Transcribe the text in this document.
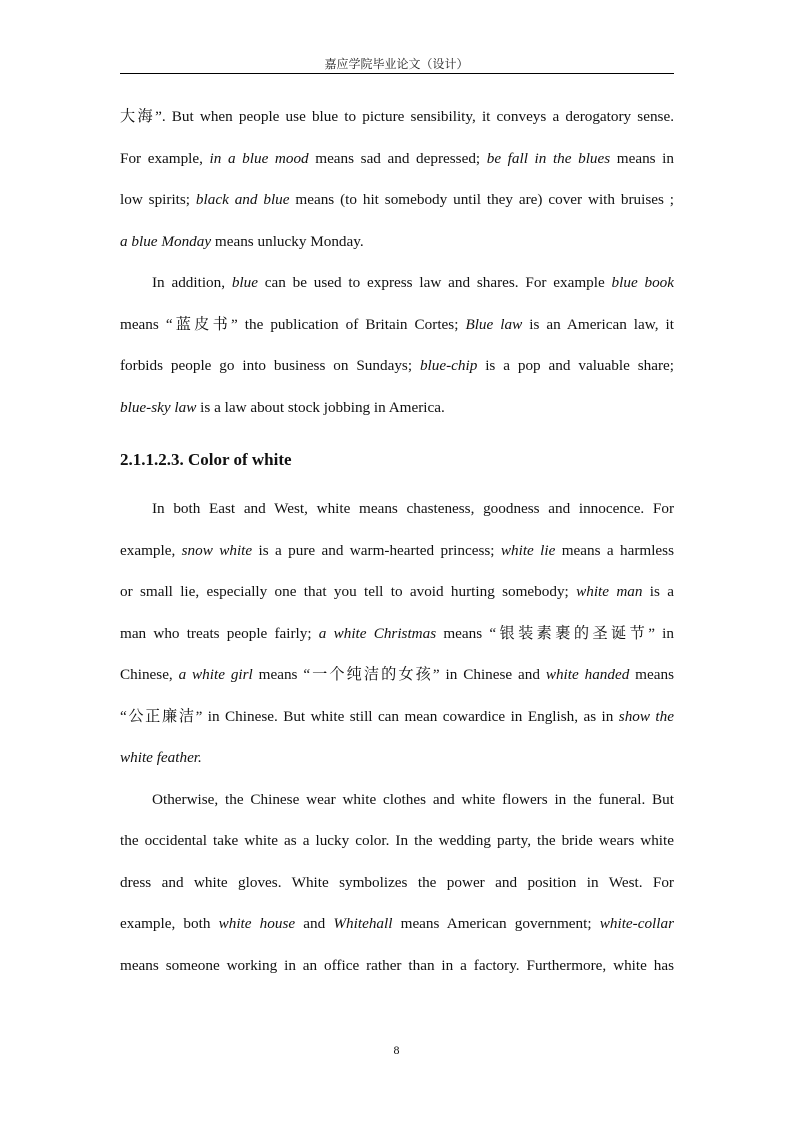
嘉应学院毕业论文（设计）
大海”. But when people use blue to picture sensibility, it conveys a derogatory sense.
For example, in a blue mood means sad and depressed; be fall in the blues means in
low spirits; black and blue means (to hit somebody until they are) cover with bruises ;
a blue Monday means unlucky Monday.
In addition, blue can be used to express law and shares. For example blue book
means “蓝皮书” the publication of Britain Cortes; Blue law is an American law, it
forbids people go into business on Sundays; blue-chip is a pop and valuable share;
blue-sky law is a law about stock jobbing in America.
2.1.1.2.3. Color of white
In both East and West, white means chasteness, goodness and innocence. For
example, snow white is a pure and warm-hearted princess; white lie means a harmless
or small lie, especially one that you tell to avoid hurting somebody; white man is a
man who treats people fairly; a white Christmas means “银装素裹的圣诞节” in
Chinese, a white girl means “一个纯洁的女孩” in Chinese and white handed means
“公正廉洁” in Chinese. But white still can mean cowardice in English, as in show the
white feather.
Otherwise, the Chinese wear white clothes and white flowers in the funeral. But
the occidental take white as a lucky color. In the wedding party, the bride wears white
dress and white gloves. White symbolizes the power and position in West. For
example, both white house and Whitehall means American government; white-collar
means someone working in an office rather than in a factory. Furthermore, white has
8
